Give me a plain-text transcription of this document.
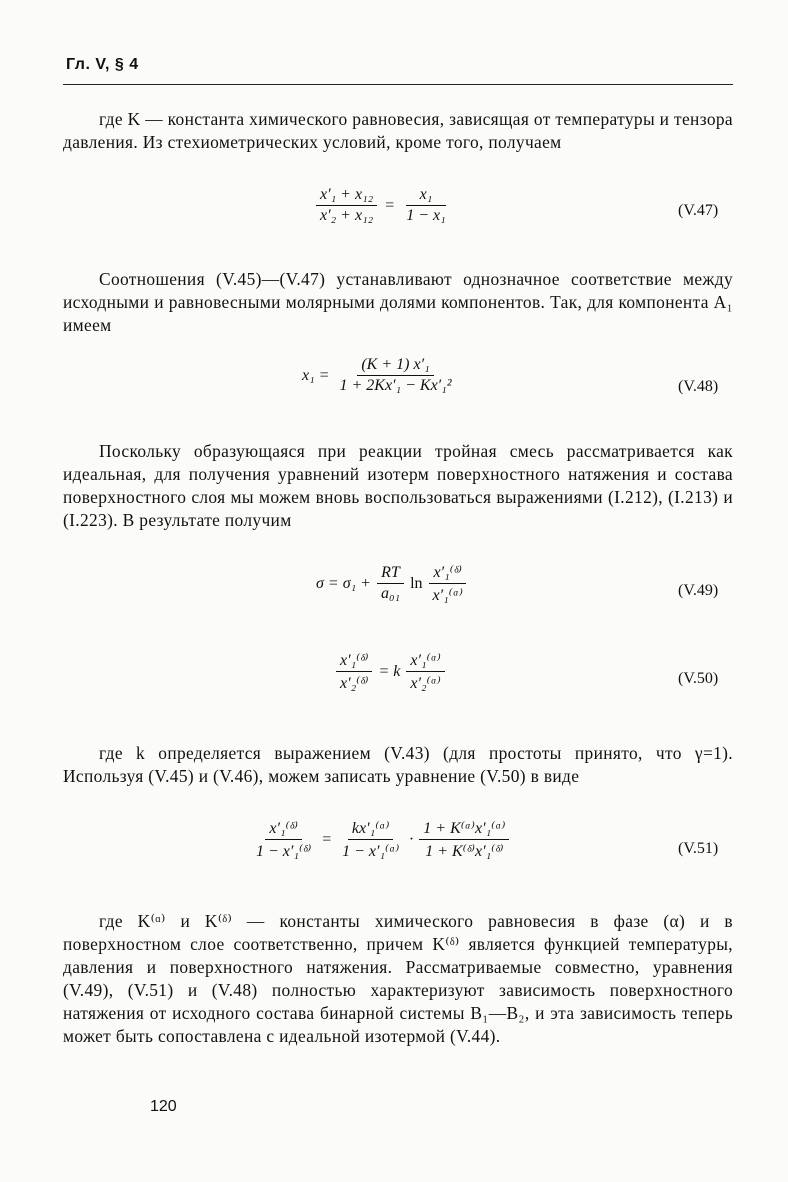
Гл. V, § 4

где K — константа химического равновесия, зависящая от температуры и тензора давления. Из стехиометрических условий, кроме того, получаем

$\frac{\text{x′₁ + x₁₂}}{\text{x′₂ + x₁₂}} = \frac{\text{x₁}}{\text{1 − x₁}}$	(V.47)

Соотношения (V.45)—(V.47) устанавливают однозначное соответствие между исходными и равновесными молярными долями компонентов. Так, для компонента A₁ имеем

$x_1 = \frac{\text{(K + 1) x′₁}}{\text{1 + 2Kx′₁ − Kx′₁²}}$	(V.48)

Поскольку образующаяся при реакции тройная смесь рассматривается как идеальная, для получения уравнений изотерм поверхностного натяжения и состава поверхностного слоя мы можем вновь воспользоваться выражениями (I.212), (I.213) и (I.223). В результате получим

$\sigma = \sigma_1 + \frac{RT}{\text{a₀₁}}$ $\ln \frac{\text{x′₁⁽ᵟ⁾}}{\text{x′₁⁽ᵅ⁾}}$	(V.49)
$\frac{\text{x′₁⁽ᵟ⁾}}{\text{x′₂⁽ᵟ⁾}} = k \frac{\text{x′₁⁽ᵅ⁾}}{\text{x′₂⁽ᵅ⁾}}$	(V.50)

где k определяется выражением (V.43) (для простоты принято, что γ=1). Используя (V.45) и (V.46), можем записать уравнение (V.50) в виде

$\frac{\text{x′₁⁽ᵟ⁾}}{\text{1 − x′₁⁽ᵟ⁾}} = \frac{\text{kx′₁⁽ᵅ⁾}}{\text{1 − x′₁⁽ᵅ⁾}} \cdot \frac{\text{1 + K⁽ᵅ⁾x′₁⁽ᵅ⁾}}{\text{1 + K⁽ᵟ⁾x′₁⁽ᵟ⁾}}$	(V.51)

где K⁽ᵅ⁾ и K⁽ᵟ⁾ — константы химического равновесия в фазе (α) и в поверхностном слое соответственно, причем K⁽ᵟ⁾ является функцией температуры, давления и поверхностного натяжения. Рассматриваемые совместно, уравнения (V.49), (V.51) и (V.48) полностью характеризуют зависимость поверхностного натяжения от исходного состава бинарной системы B₁—B₂, и эта зависимость теперь может быть сопоставлена с идеальной изотермой (V.44).

120
